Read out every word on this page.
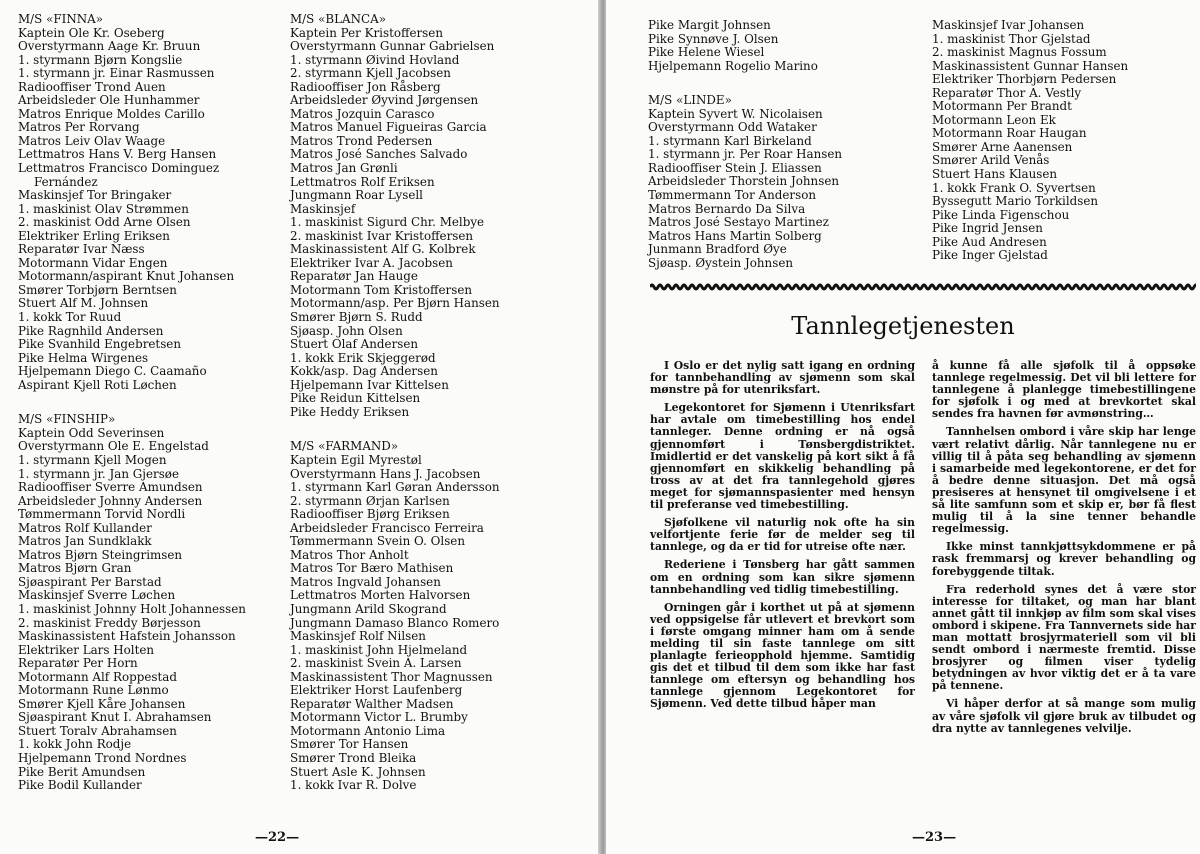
M/S «FINNA»
Kaptein Ole Kr. Oseberg
Overstyrmann Aage Kr. Bruun
1. styrmann Bjørn Kongslie
1. styrmann jr. Einar Rasmussen
Radiooffiser Trond Auen
Arbeidsleder Ole Hunhammer
Matros Enrique Moldes Carillo
Matros Per Rorvang
Matros Leiv Olav Waage
Lettmatros Hans V. Berg Hansen
Lettmatros Francisco Dominguez
Fernández
Maskinsjef Tor Bringaker
1. maskinist Olav Strømmen
2. maskinist Odd Arne Olsen
Elektriker Erling Eriksen
Reparatør Ivar Næss
Motormann Vidar Engen
Motormann/aspirant Knut Johansen
Smører Torbjørn Berntsen
Stuert Alf M. Johnsen
1. kokk Tor Ruud
Pike Ragnhild Andersen
Pike Svanhild Engebretsen
Pike Helma Wirgenes
Hjelpemann Diego C. Caamaño
Aspirant Kjell Roti Løchen
M/S «FINSHIP»
Kaptein Odd Severinsen
Overstyrmann Ole E. Engelstad
1. styrmann Kjell Mogen
1. styrmann jr. Jan Gjersøe
Radiooffiser Sverre Amundsen
Arbeidsleder Johnny Andersen
Tømmermann Torvid Nordli
Matros Rolf Kullander
Matros Jan Sundklakk
Matros Bjørn Steingrimsen
Matros Bjørn Gran
Sjøaspirant Per Barstad
Maskinsjef Sverre Løchen
1. maskinist Johnny Holt Johannessen
2. maskinist Freddy Børjesson
Maskinassistent Hafstein Johansson
Elektriker Lars Holten
Reparatør Per Horn
Motormann Alf Roppestad
Motormann Rune Lønmo
Smører Kjell Kåre Johansen
Sjøaspirant Knut I. Abrahamsen
Stuert Toralv Abrahamsen
1. kokk John Rodje
Hjelpemann Trond Nordnes
Pike Berit Amundsen
Pike Bodil Kullander
M/S «BLANCA»
Kaptein Per Kristoffersen
Overstyrmann Gunnar Gabrielsen
1. styrmann Øivind Hovland
2. styrmann Kjell Jacobsen
Radiooffiser Jon Råsberg
Arbeidsleder Øyvind Jørgensen
Matros Jozquin Carasco
Matros Manuel Figueiras Garcia
Matros Trond Pedersen
Matros José Sanches Salvado
Matros Jan Grønli
Lettmatros Rolf Eriksen
Jungmann Roar Lysell
Maskinsjef
1. maskinist Sigurd Chr. Melbye
2. maskinist Ivar Kristoffersen
Maskinassistent Alf G. Kolbrek
Elektriker Ivar A. Jacobsen
Reparatør Jan Hauge
Motormann Tom Kristoffersen
Motormann/asp. Per Bjørn Hansen
Smører Bjørn S. Rudd
Sjøasp. John Olsen
Stuert Olaf Andersen
1. kokk Erik Skjeggerød
Kokk/asp. Dag Andersen
Hjelpemann Ivar Kittelsen
Pike Reidun Kittelsen
Pike Heddy Eriksen
M/S «FARMAND»
Kaptein Egil Myrestøl
Overstyrmann Hans J. Jacobsen
1. styrmann Karl Gøran Andersson
2. styrmann Ørjan Karlsen
Radiooffiser Bjørg Eriksen
Arbeidsleder Francisco Ferreira
Tømmermann Svein O. Olsen
Matros Thor Anholt
Matros Tor Bæro Mathisen
Matros Ingvald Johansen
Lettmatros Morten Halvorsen
Jungmann Arild Skogrand
Jungmann Damaso Blanco Romero
Maskinsjef Rolf Nilsen
1. maskinist John Hjelmeland
2. maskinist Svein A. Larsen
Maskinassistent Thor Magnussen
Elektriker Horst Laufenberg
Reparatør Walther Madsen
Motormann Victor L. Brumby
Motormann Antonio Lima
Smører Tor Hansen
Smører Trond Bleika
Stuert Asle K. Johnsen
1. kokk Ivar R. Dolve
—22—
Pike Margit Johnsen
Pike Synnøve J. Olsen
Pike Helene Wiesel
Hjelpemann Rogelio Marino
M/S «LINDE»
Kaptein Syvert W. Nicolaisen
Overstyrmann Odd Wataker
1. styrmann Karl Birkeland
1. styrmann jr. Per Roar Hansen
Radiooffiser Stein J. Eliassen
Arbeidsleder Thorstein Johnsen
Tømmermann Tor Anderson
Matros Bernardo Da Silva
Matros José Sestayo Martinez
Matros Hans Martin Solberg
Junmann Bradford Øye
Sjøasp. Øystein Johnsen
Maskinsjef Ivar Johansen
1. maskinist Thor Gjelstad
2. maskinist Magnus Fossum
Maskinassistent Gunnar Hansen
Elektriker Thorbjørn Pedersen
Reparatør Thor A. Vestly
Motormann Per Brandt
Motormann Leon Ek
Motormann Roar Haugan
Smører Arne Aanensen
Smører Arild Venås
Stuert Hans Klausen
1. kokk Frank O. Syvertsen
Byssegutt Mario Torkildsen
Pike Linda Figenschou
Pike Ingrid Jensen
Pike Aud Andresen
Pike Inger Gjelstad
Tannlegetjenesten

I Oslo er det nylig satt igang en ordning for tannbehandling av sjømenn som skal mønstre på for utenriksfart.

Legekontoret for Sjømenn i Utenriksfart har avtale om timebestilling hos endel tannleger. Denne ordning er nå også gjennomført i Tønsbergdistriktet. Imidlertid er det vanskelig på kort sikt å få gjennomført en skikkelig behandling på tross av at det fra tannlegehold gjøres meget for sjømannspasienter med hensyn til preferanse ved timebestilling.

Sjøfolkene vil naturlig nok ofte ha sin velfortjente ferie før de melder seg til tannlege, og da er tid for utreise ofte nær.

Rederiene i Tønsberg har gått sammen om en ordning som kan sikre sjømenn tannbehandling ved tidlig timebestilling.

Orningen går i korthet ut på at sjømenn ved oppsigelse får utlevert et brevkort som i første omgang minner ham om å sende melding til sin faste tannlege om sitt planlagte ferieopphold hjemme. Samtidig gis det et tilbud til dem som ikke har fast tannlege om eftersyn og behandling hos tannlege gjennom Legekontoret for Sjømenn. Ved dette tilbud håper man

å kunne få alle sjøfolk til å oppsøke tannlege regelmessig. Det vil bli lettere for tannlegene å planlegge timebestillingene for sjøfolk i og med at brevkortet skal sendes fra havnen før avmønstring…

Tannhelsen ombord i våre skip har lenge vært relativt dårlig. Når tannlegene nu er villig til å påta seg behandling av sjømenn i samarbeide med legekontorene, er det for å bedre denne situasjon. Det må også presiseres at hensynet til omgivelsene i et så lite samfunn som et skip er, bør få flest mulig til å la sine tenner behandle regelmessig.

Ikke minst tannkjøttsykdommene er på rask fremmarsj og krever behandling og forebyggende tiltak.

Fra rederhold synes det å være stor interesse for tiltaket, og man har blant annet gått til innkjøp av film som skal vises ombord i skipene. Fra Tannvernets side har man mottatt brosjyrmateriell som vil bli sendt ombord i nærmeste fremtid. Disse brosjyrer og filmen viser tydelig betydningen av hvor viktig det er å ta vare på tennene.

Vi håper derfor at så mange som mulig av våre sjøfolk vil gjøre bruk av tilbudet og dra nytte av tannlegenes velvilje.

—23—
